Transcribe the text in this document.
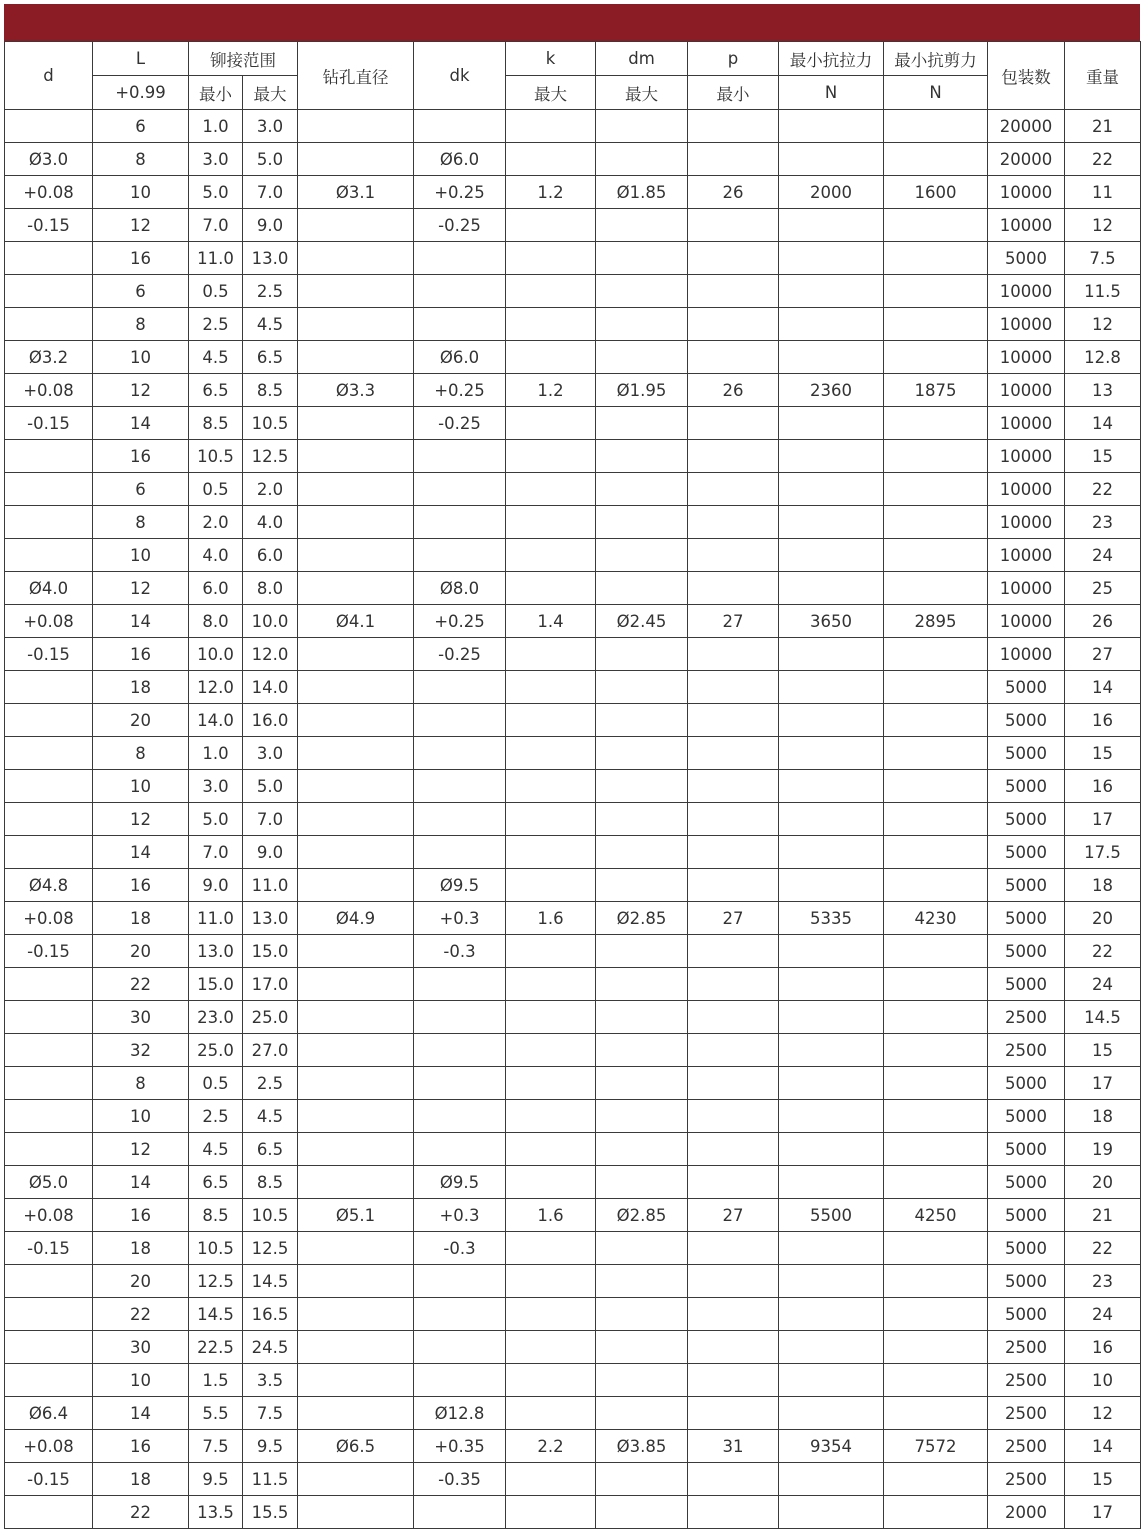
d	L	铆接范围		钻孔直径	dk	k	dm	p	最小抗拉力	最小抗剪力	包装数	重量
	+0.99	最小	最大			最大	最大	最小	N	N		
	6	1.0	3.0								20000	21
Ø3.0	8	3.0	5.0		Ø6.0						20000	22
+0.08	10	5.0	7.0	Ø3.1	+0.25	1.2	Ø1.85	26	2000	1600	10000	11
-0.15	12	7.0	9.0		-0.25						10000	12
	16	11.0	13.0								5000	7.5
	6	0.5	2.5								10000	11.5
	8	2.5	4.5								10000	12
Ø3.2	10	4.5	6.5		Ø6.0						10000	12.8
+0.08	12	6.5	8.5	Ø3.3	+0.25	1.2	Ø1.95	26	2360	1875	10000	13
-0.15	14	8.5	10.5		-0.25						10000	14
	16	10.5	12.5								10000	15
	6	0.5	2.0								10000	22
	8	2.0	4.0								10000	23
	10	4.0	6.0								10000	24
Ø4.0	12	6.0	8.0		Ø8.0						10000	25
+0.08	14	8.0	10.0	Ø4.1	+0.25	1.4	Ø2.45	27	3650	2895	10000	26
-0.15	16	10.0	12.0		-0.25						10000	27
	18	12.0	14.0								5000	14
	20	14.0	16.0								5000	16
	8	1.0	3.0								5000	15
	10	3.0	5.0								5000	16
	12	5.0	7.0								5000	17
	14	7.0	9.0								5000	17.5
Ø4.8	16	9.0	11.0		Ø9.5						5000	18
+0.08	18	11.0	13.0	Ø4.9	+0.3	1.6	Ø2.85	27	5335	4230	5000	20
-0.15	20	13.0	15.0		-0.3						5000	22
	22	15.0	17.0								5000	24
	30	23.0	25.0								2500	14.5
	32	25.0	27.0								2500	15
	8	0.5	2.5								5000	17
	10	2.5	4.5								5000	18
	12	4.5	6.5								5000	19
Ø5.0	14	6.5	8.5		Ø9.5						5000	20
+0.08	16	8.5	10.5	Ø5.1	+0.3	1.6	Ø2.85	27	5500	4250	5000	21
-0.15	18	10.5	12.5		-0.3						5000	22
	20	12.5	14.5								5000	23
	22	14.5	16.5								5000	24
	30	22.5	24.5								2500	16
	10	1.5	3.5								2500	10
Ø6.4	14	5.5	7.5		Ø12.8						2500	12
+0.08	16	7.5	9.5	Ø6.5	+0.35	2.2	Ø3.85	31	9354	7572	2500	14
-0.15	18	9.5	11.5		-0.35						2500	15
	22	13.5	15.5								2000	17
